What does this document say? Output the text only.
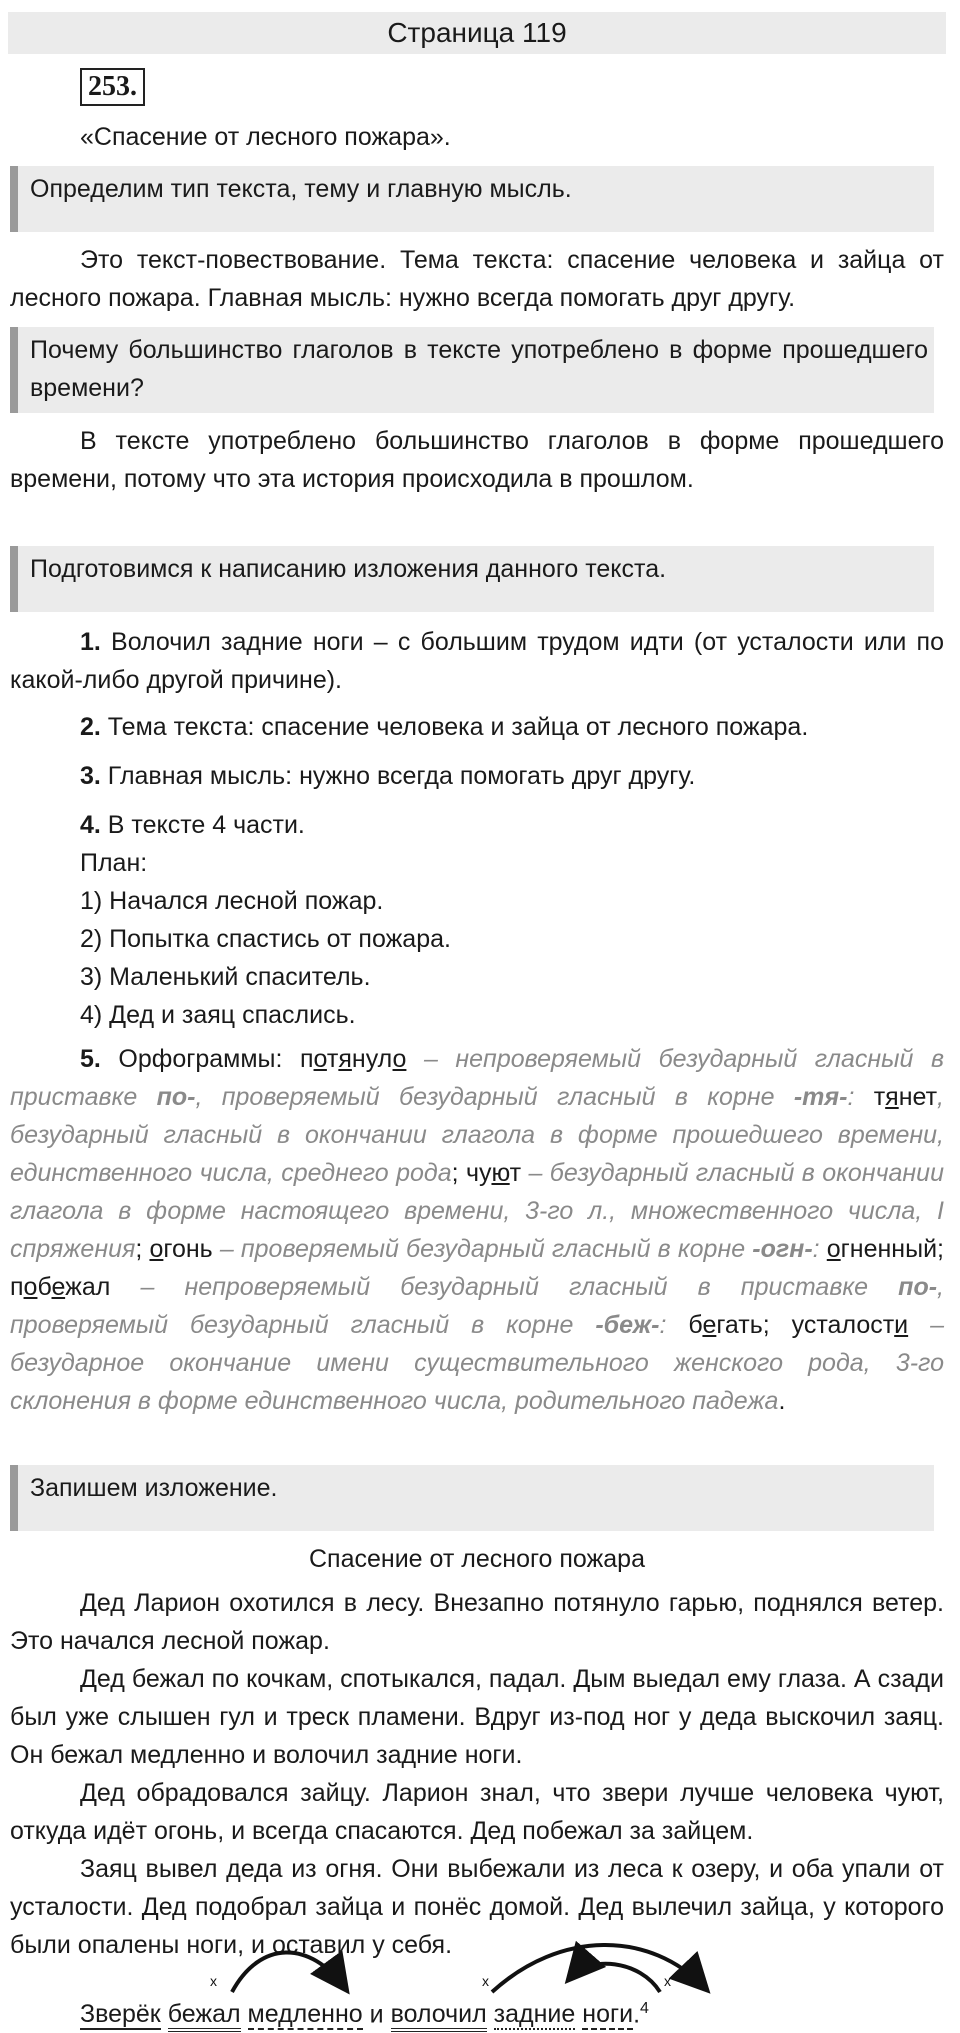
Страница 119
253.
«Спасение от лесного пожара».
Определим тип текста, тему и главную мысль.
Это текст-повествование. Тема текста: спасение человека и зайца от лесного пожара. Главная мысль: нужно всегда помогать друг другу.
Почему большинство глаголов в тексте употреблено в форме прошедшего времени?
В тексте употреблено большинство глаголов в форме прошедшего времени, потому что эта история происходила в прошлом.
Подготовимся к написанию изложения данного текста.
1. Волочил задние ноги – с большим трудом идти (от усталости или по какой-либо другой причине).
2. Тема текста: спасение человека и зайца от лесного пожара.
3. Главная мысль: нужно всегда помогать друг другу.
4. В тексте 4 части.
План:
1) Начался лесной пожар.
2) Попытка спастись от пожара.
3) Маленький спаситель.
4) Дед и заяц спаслись.
5. Орфограммы: потянуло – непроверяемый безударный гласный в приставке по-, проверяемый безударный гласный в корне -тя-: тянет, безударный гласный в окончании глагола в форме прошедшего времени, единственного числа, среднего рода; чуют – безударный гласный в окончании глагола в форме настоящего времени, 3-го л., множественного числа, I спряжения; огонь – проверяемый безударный гласный в корне -огн-: огненный; побежал – непроверяемый безударный гласный в приставке по-, проверяемый безударный гласный в корне -беж-: бегать; усталости – безударное окончание имени существительного женского рода, 3-го склонения в форме единственного числа, родительного падежа.
Запишем изложение.
Спасение от лесного пожара
Дед Ларион охотился в лесу. Внезапно потянуло гарью, поднялся ветер. Это начался лесной пожар.
Дед бежал по кочкам, спотыкался, падал. Дым выедал ему глаза. А сзади был уже слышен гул и треск пламени. Вдруг из-под ног у деда выскочил заяц. Он бежал медленно и волочил задние ноги.
Дед обрадовался зайцу. Ларион знал, что звери лучше человека чуют, откуда идёт огонь, и всегда спасаются. Дед побежал за зайцем.
Заяц вывел деда из огня. Они выбежали из леса к озеру, и оба упали от усталости. Дед подобрал зайца и понёс домой. Дед вылечил зайца, у которого были опалены ноги, и оставил у себя.
x	x	x
Зверёк бежал медленно и волочил задние ноги.$^4$
